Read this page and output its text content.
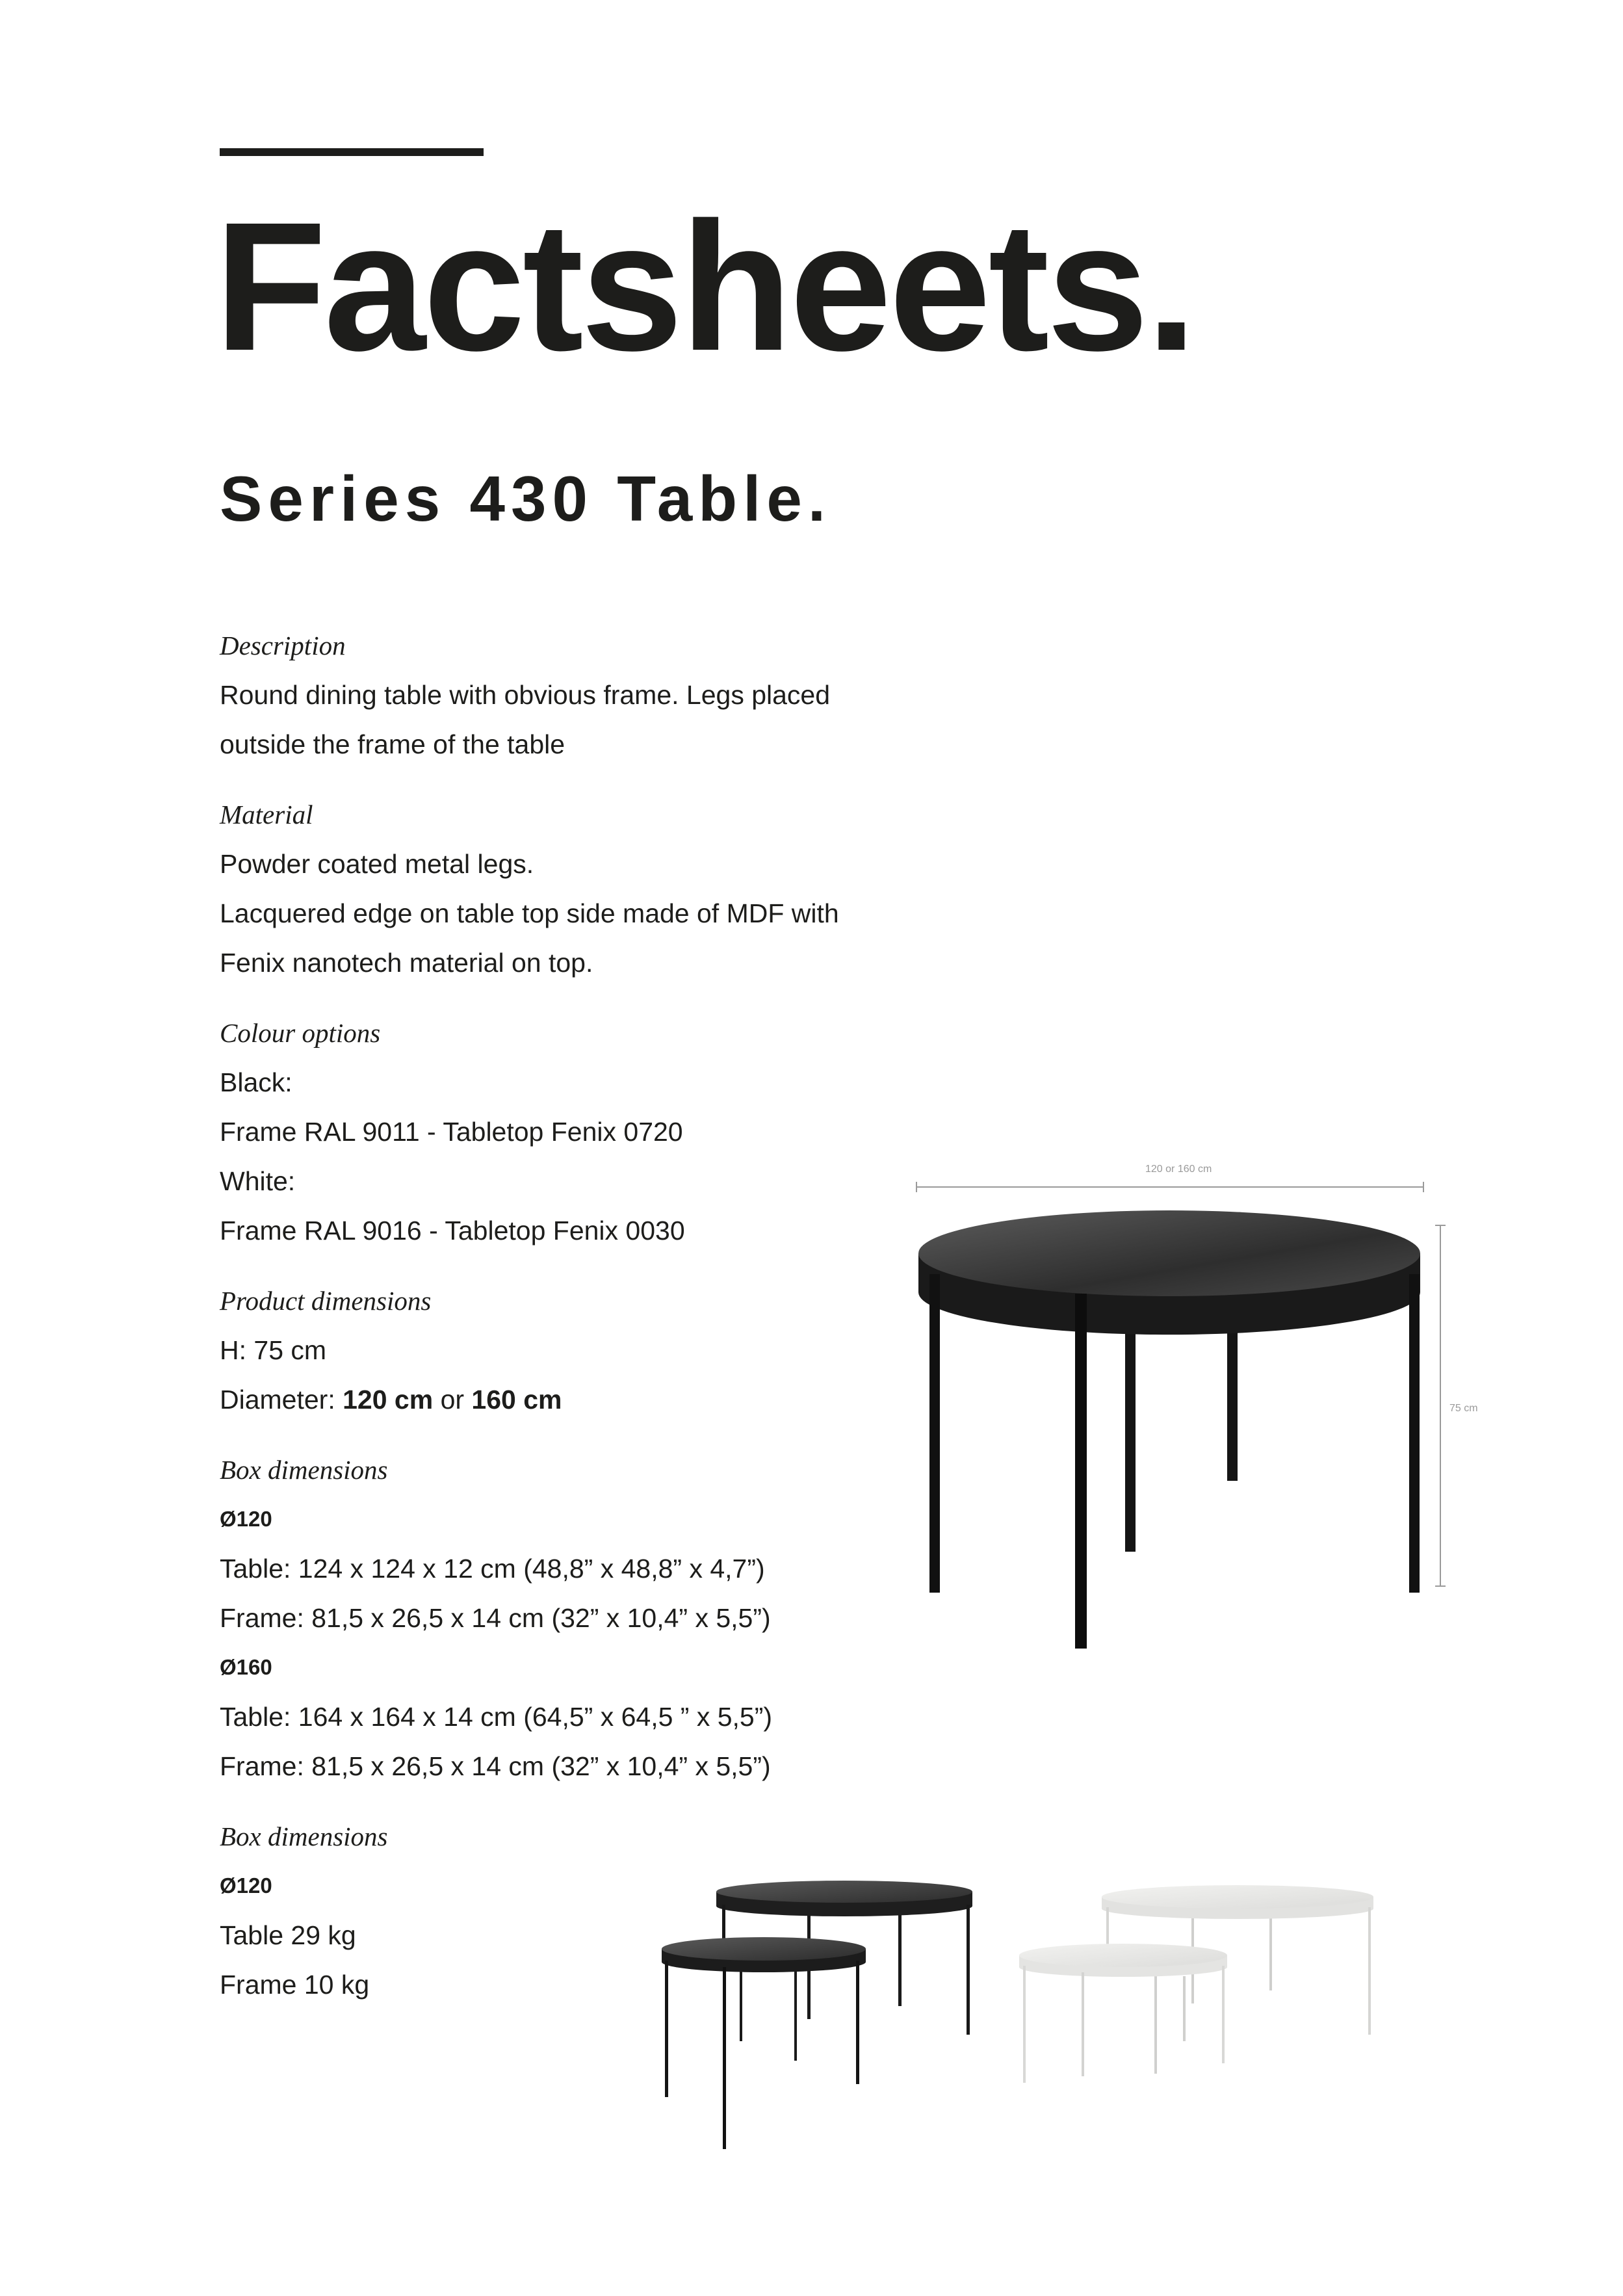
Factsheets.
Series 430 Table.
Description
Round dining table with obvious frame. Legs placed
outside the frame of the table
Material
Powder coated metal legs.
Lacquered edge on table top side made of MDF with
Fenix nanotech material on top.
Colour options
Black:
Frame RAL 9011 - Tabletop Fenix 0720
White:
Frame RAL 9016 - Tabletop Fenix 0030
Product dimensions
H: 75 cm
Diameter: 120 cm or 160 cm
Box dimensions
Ø120
Table: 124 x 124 x 12 cm (48,8” x 48,8” x 4,7”)
Frame: 81,5 x 26,5 x 14 cm (32” x 10,4” x 5,5”)
Ø160
Table: 164 x 164 x 14 cm (64,5” x 64,5 ” x 5,5”)
Frame: 81,5 x 26,5 x 14 cm (32” x 10,4” x 5,5”)
Box dimensions
Ø120
Table 29 kg
Frame 10 kg
120 or 160 cm
75 cm
